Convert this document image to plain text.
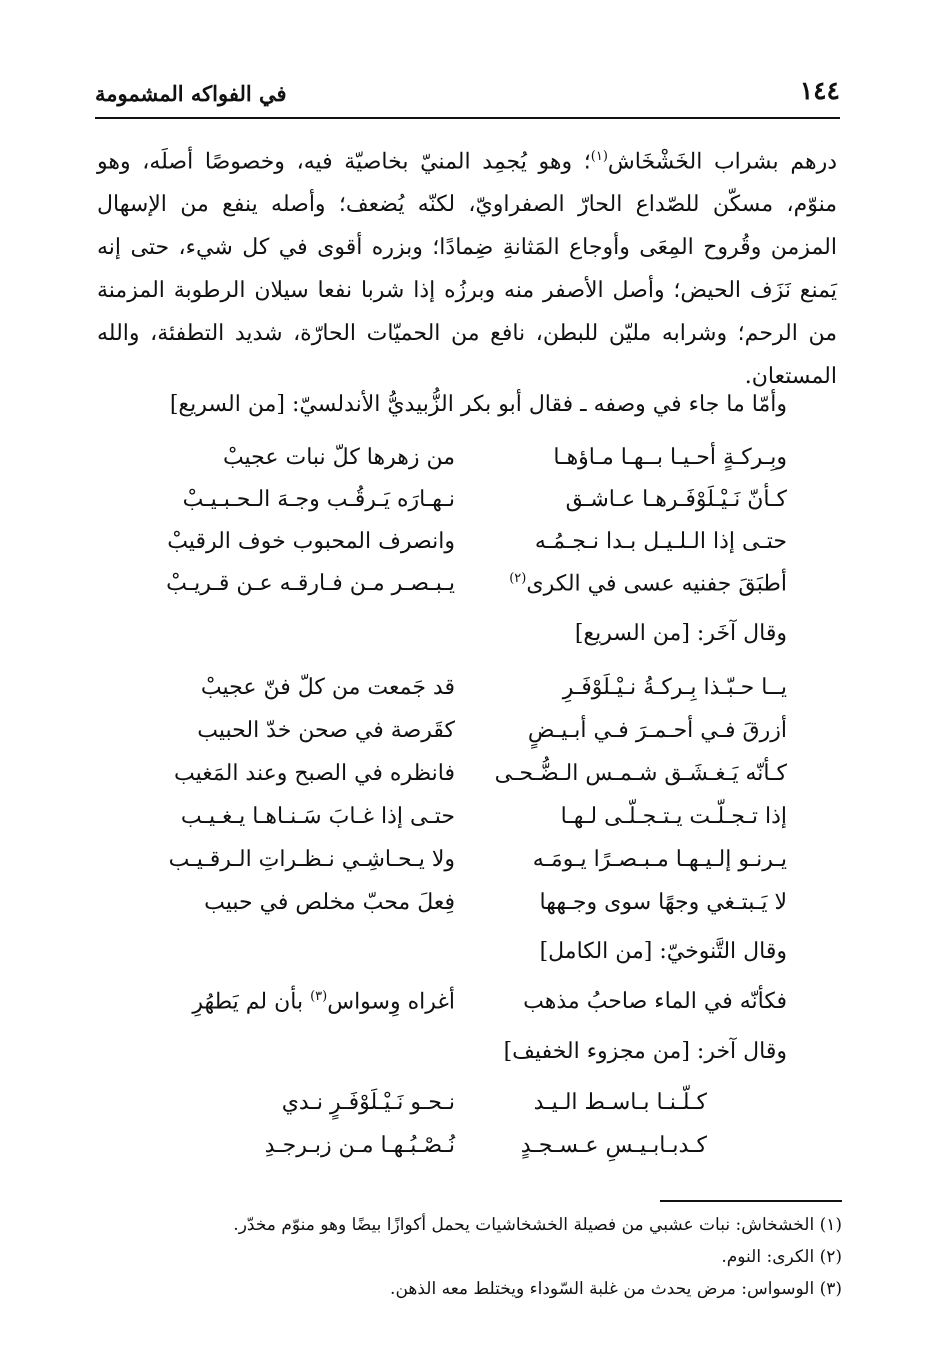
١٤٤
في الفواكه المشمومة
درهم بشراب الخَشْخَاش$^{(١)}$؛ وهو يُجمِد المنيّ بخاصيّة فيه، وخصوصًا أصلَه، وهو منوّم، مسكّن للصّداع الحارّ الصفراويّ، لكنّه يُضعف؛ وأصله ينفع من الإسهال المزمن وقُروح المِعَى وأوجاع المَثانةِ ضِمادًا؛ وبزره أقوى في كل شيء، حتى إنه يَمنع نَزَف الحيض؛ وأصل الأصفر منه وبرزُه إذا شربا نفعا سيلان الرطوبة المزمنة من الرحم؛ وشرابه مليّن للبطن، نافع من الحميّات الحارّة، شديد التطفئة، والله المستعان.
وأمّا ما جاء في وصفه ـ فقال أبو بكر الزُّبيديُّ الأندلسيّ: [من السريع]
وبِـركـةٍ أحـيـا بــهـا مـاؤهـا
من زهرها كلّ نبات عجيبْ
كـأنّ نَـيْـلَوْفَـرهـا عـاشـق
نـهـارَه يَـرقُـب وجـهَ الـحـبـيـبْ
حتـى إذا الـلـيـل بـدا نـجـمُـه
وانصرف المحبوب خوف الرقيبْ
أطبَقَ جفنيه عسى في الكرى$^{(٢)}$
يـبـصـر مـن فـارقـه عـن قـريـبْ
وقال آخَر: [من السريع]
يــا حـبّـذا بِـركـةُ نـيْـلَوْفَـرِ
قد جَمعت من كلّ فنّ عجيبْ
أزرقَ فـي أحـمـرَ فـي أبـيـضٍ
كقَرصة في صحن خدّ الحبيب
كـأنّه يَـغـشَـق شـمـس الـضُّـحـى
فانظره في الصبح وعند المَغيب
إذا تـجـلّـت يـتـجـلّـى لـهـا
حتـى إذا غـابَ سَـنـاهـا يـغـيـب
يـرنـو إلـيـهـا مـبـصـرًا يـومَـه
ولا يـحـاشِـي نـظـراتِ الـرقـيـب
لا يَـبتـغي وجهًا سوى وجـهها
فِعلَ محبّ مخلص في حبيب
وقال التَّنوخيّ: [من الكامل]
فكأنّه في الماء صاحبُ مذهب
أغراه وِسواس$^{(٣)}$ بأن لم يَطهُرِ
وقال آخر: [من مجزوء الخفيف]
كـلّـنـا بـاسـط الـيـد
نـحـو نَـيْـلَوْفَـرٍ نـدي
كـدبـابـيـسِ عـسـجـدٍ
نُـصْـبُـهـا مـن زبـرجـدِ
(١) الخشخاش: نبات عشبي من فصيلة الخشخاشيات يحمل أكوازًا بيضًا وهو منوّم مخدّر.
(٢) الكرى: النوم.
(٣) الوسواس: مرض يحدث من غلبة السّوداء ويختلط معه الذهن.
